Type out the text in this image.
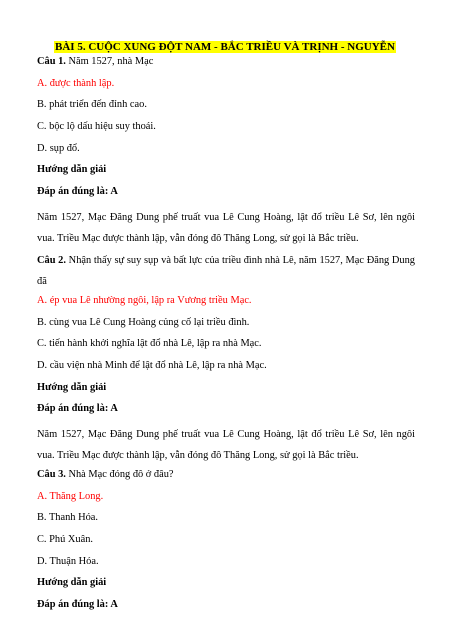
BÀI 5. CUỘC XUNG ĐỘT NAM - BẮC TRIỀU VÀ TRỊNH - NGUYỄN
Câu 1. Năm 1527, nhà Mạc
A. được thành lập.
B. phát triển đến đỉnh cao.
C. bộc lộ dấu hiệu suy thoái.
D. sụp đổ.
Hướng dẫn giải
Đáp án đúng là: A
Năm 1527, Mạc Đăng Dung phế truất vua Lê Cung Hoàng, lật đổ triều Lê Sơ, lên ngôi vua. Triều Mạc được thành lập, vẫn đóng đô Thăng Long, sử gọi là Bắc triều.
Câu 2. Nhận thấy sự suy sụp và bất lực của triều đình nhà Lê, năm 1527, Mạc Đăng Dung đã
A. ép vua Lê nhường ngôi, lập ra Vương triều Mạc.
B. cùng vua Lê Cung Hoàng củng cố lại triều đình.
C. tiến hành khởi nghĩa lật đổ nhà Lê, lập ra nhà Mạc.
D. cầu viện nhà Minh để lật đổ nhà Lê, lập ra nhà Mạc.
Hướng dẫn giải
Đáp án đúng là: A
Năm 1527, Mạc Đăng Dung phế truất vua Lê Cung Hoàng, lật đổ triều Lê Sơ, lên ngôi vua. Triều Mạc được thành lập, vẫn đóng đô Thăng Long, sử gọi là Bắc triều.
Câu 3. Nhà Mạc đóng đô ở đâu?
A. Thăng Long.
B. Thanh Hóa.
C. Phú Xuân.
D. Thuận Hóa.
Hướng dẫn giải
Đáp án đúng là: A
